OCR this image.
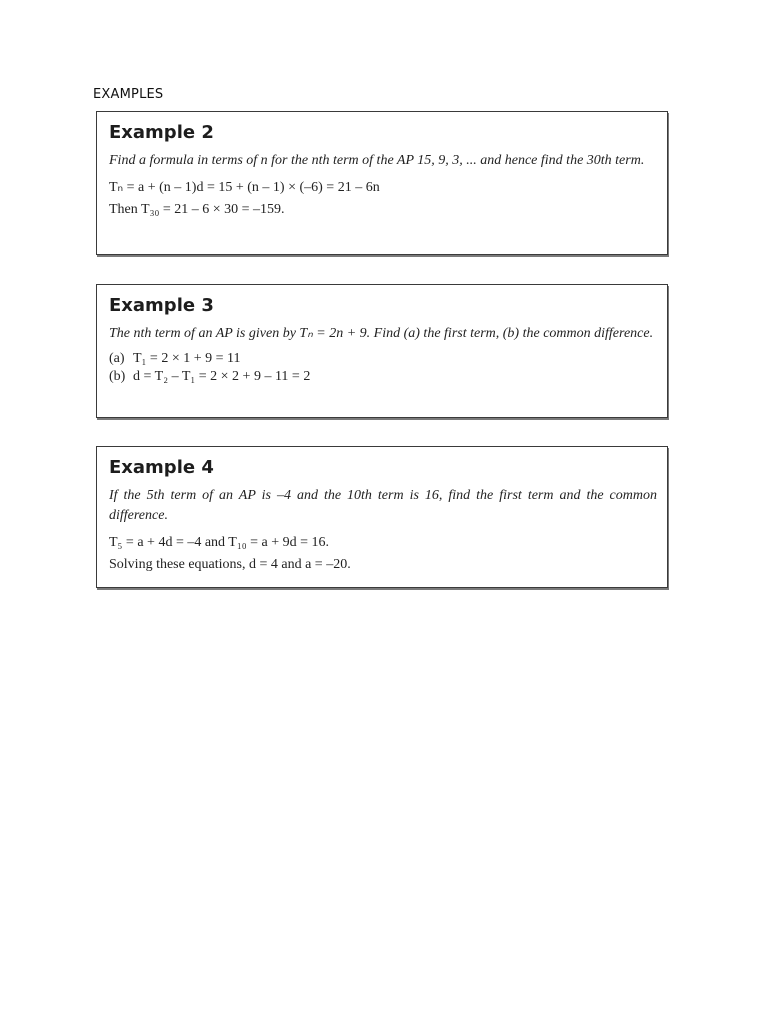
EXAMPLES
Example 2
Find a formula in terms of n for the nth term of the AP 15, 9, 3, ... and hence find the 30th term.
Tₙ = a + (n – 1)d = 15 + (n – 1) × (–6) = 21 – 6n
Then T₃₀ = 21 – 6 × 30 = –159.
Example 3
The nth term of an AP is given by Tₙ = 2n + 9. Find (a) the first term, (b) the common difference.
(a) T₁ = 2 × 1 + 9 = 11
(b) d = T₂ – T₁ = 2 × 2 + 9 – 11 = 2
Example 4
If the 5th term of an AP is –4 and the 10th term is 16, find the first term and the common difference.
T₅ = a + 4d = –4 and T₁₀ = a + 9d = 16.
Solving these equations, d = 4 and a = –20.
